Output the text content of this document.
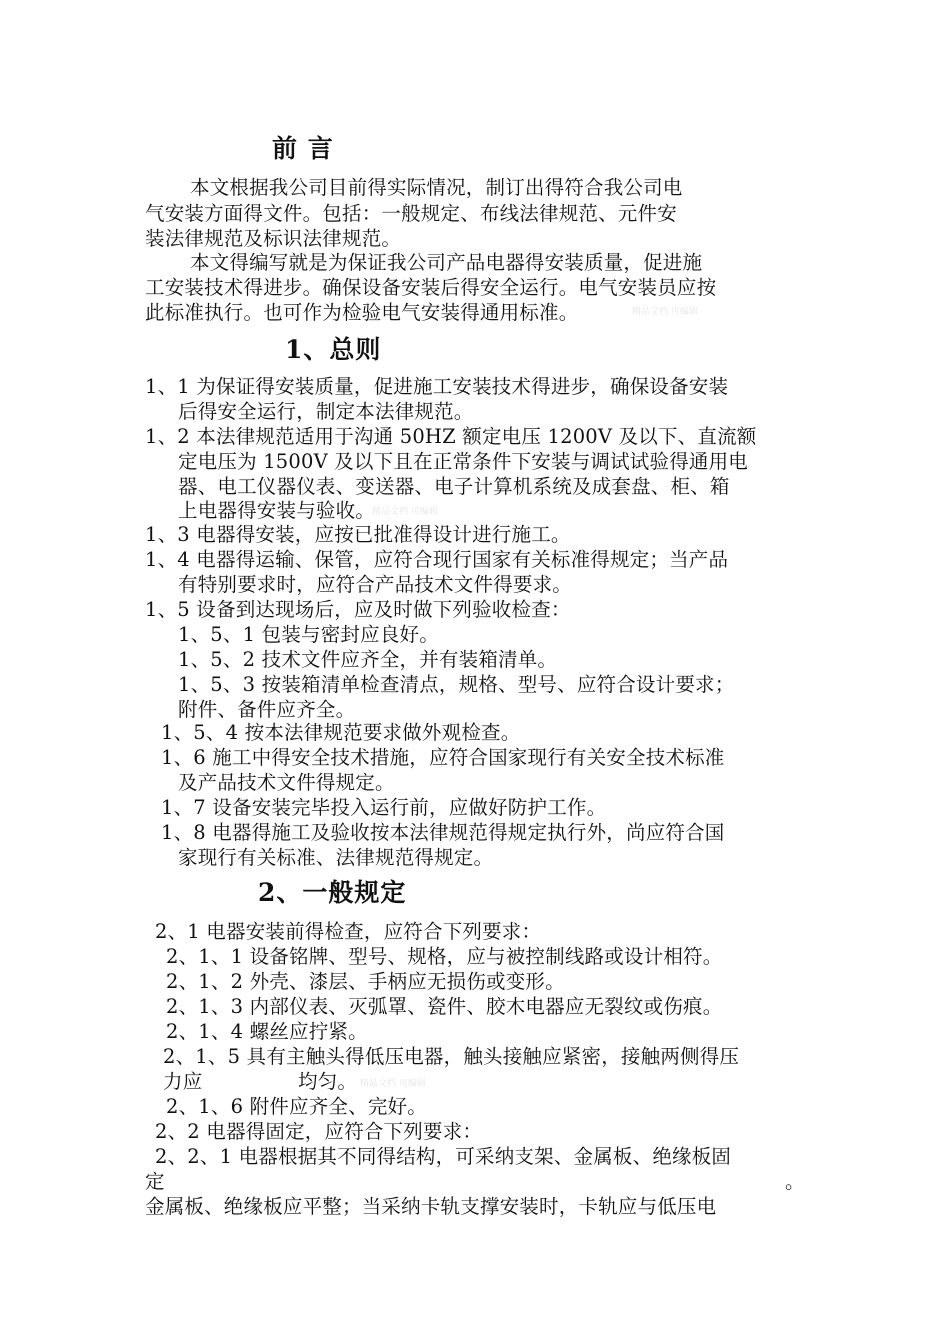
前 言
本文根据我公司目前得实际情况，制订出得符合我公司电
气安装方面得文件。包括：一般规定、布线法律规范、元件安
装法律规范及标识法律规范。
本文得编写就是为保证我公司产品电器得安装质量，促进施
工安装技术得进步。确保设备安装后得安全运行。电气安装员应按
此标准执行。也可作为检验电气安装得通用标准。	精品文档 可编辑
1、总则
1、1 为保证得安装质量，促进施工安装技术得进步，确保设备安装
后得安全运行，制定本法律规范。
1、2 本法律规范适用于沟通 50HZ 额定电压 1200V 及以下、直流额
定电压为 1500V 及以下且在正常条件下安装与调试试验得通用电
器、电工仪器仪表、变送器、电子计算机系统及成套盘、柜、箱
上电器得安装与验收。
精品文档 可编辑
1、3 电器得安装，应按已批准得设计进行施工。
1、4 电器得运输、保管，应符合现行国家有关标准得规定；当产品
有特别要求时，应符合产品技术文件得要求。
1、5 设备到达现场后，应及时做下列验收检查：
1、5、1 包装与密封应良好。
1、5、2 技术文件应齐全，并有装箱清单。
1、5、3 按装箱清单检查清点，规格、型号、应符合设计要求；
附件、备件应齐全。
1、5、4 按本法律规范要求做外观检查。
1、6 施工中得安全技术措施，应符合国家现行有关安全技术标准
及产品技术文件得规定。
1、7 设备安装完毕投入运行前，应做好防护工作。
1、8 电器得施工及验收按本法律规范得规定执行外，尚应符合国
家现行有关标准、法律规范得规定。
2、一般规定
2、1 电器安装前得检查，应符合下列要求：
2、1、1 设备铭牌、型号、规格，应与被控制线路或设计相符。
2、1、2 外壳、漆层、手柄应无损伤或变形。
2、1、3 内部仪表、灭弧罩、瓷件、胶木电器应无裂纹或伤痕。
2、1、4 螺丝应拧紧。
2、1、5 具有主触头得低压电器，触头接触应紧密，接触两侧得压
力应	均匀。 精品文档 可编辑
2、1、6 附件应齐全、完好。
2、2 电器得固定，应符合下列要求：
2、2、1 电器根据其不同得结构，可采纳支架、金属板、绝缘板固
定	。
金属板、绝缘板应平整；当采纳卡轨支撑安装时，卡轨应与低压电
